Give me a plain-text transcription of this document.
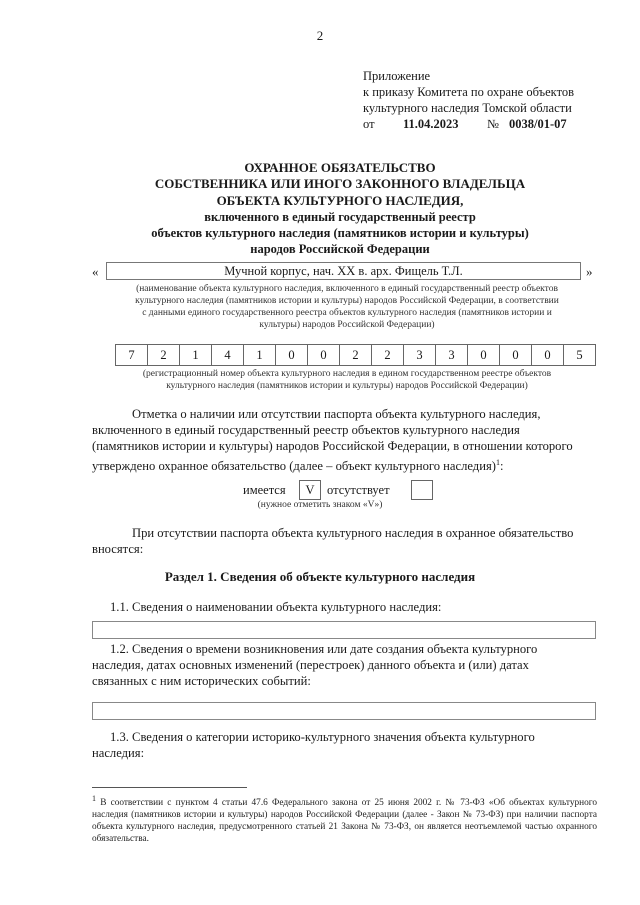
2
Приложение
к приказу Комитета по охране объектов
культурного наследия Томской области
от 11.04.2023 № 0038/01-07
ОХРАННОЕ ОБЯЗАТЕЛЬСТВО
СОБСТВЕННИКА ИЛИ ИНОГО ЗАКОННОГО ВЛАДЕЛЬЦА
ОБЪЕКТА КУЛЬТУРНОГО НАСЛЕДИЯ,
включенного в единый государственный реестр
объектов культурного наследия (памятников истории и культуры)
народов Российской Федерации
«	Мучной корпус, нач. ХХ в. арх. Фищель Т.Л.	»
(наименование объекта культурного наследия, включенного в единый государственный реестр объектов
культурного наследия (памятников истории и культуры) народов Российской Федерации, в соответствии
с данными единого государственного реестра объектов культурного наследия (памятников истории и
культуры) народов Российской Федерации)
7	2	1	4	1	0	0	2	2	3	3	0	0	0	5
(регистрационный номер объекта культурного наследия в едином государственном реестре объектов
культурного наследия (памятников истории и культуры) народов Российской Федерации)
Отметка о наличии или отсутствии паспорта объекта культурного наследия,
включенного в единый государственный реестр объектов культурного наследия
(памятников истории и культуры) народов Российской Федерации, в отношении которого
утверждено охранное обязательство (далее – объект культурного наследия)$^1$:
имеется	V отсутствует
(нужное отметить знаком «V»)
При отсутствии паспорта объекта культурного наследия в охранное обязательство
вносятся:
Раздел 1. Сведения об объекте культурного наследия
1.1. Сведения о наименовании объекта культурного наследия:
1.2. Сведения о времени возникновения или дате создания объекта культурного
наследия, датах основных изменений (перестроек) данного объекта и (или) датах
связанных с ним исторических событий:
1.3. Сведения о категории историко-культурного значения объекта культурного
наследия:
$^1$ В соответствии с пунктом 4 статьи 47.6 Федерального закона от 25 июня 2002 г. № 73-ФЗ «Об объектах культурного наследия (памятников истории и культуры) народов Российской Федерации (далее - Закон № 73-ФЗ) при наличии паспорта объекта культурного наследия, предусмотренного статьей 21 Закона № 73-ФЗ, он является неотъемлемой частью охранного обязательства.
